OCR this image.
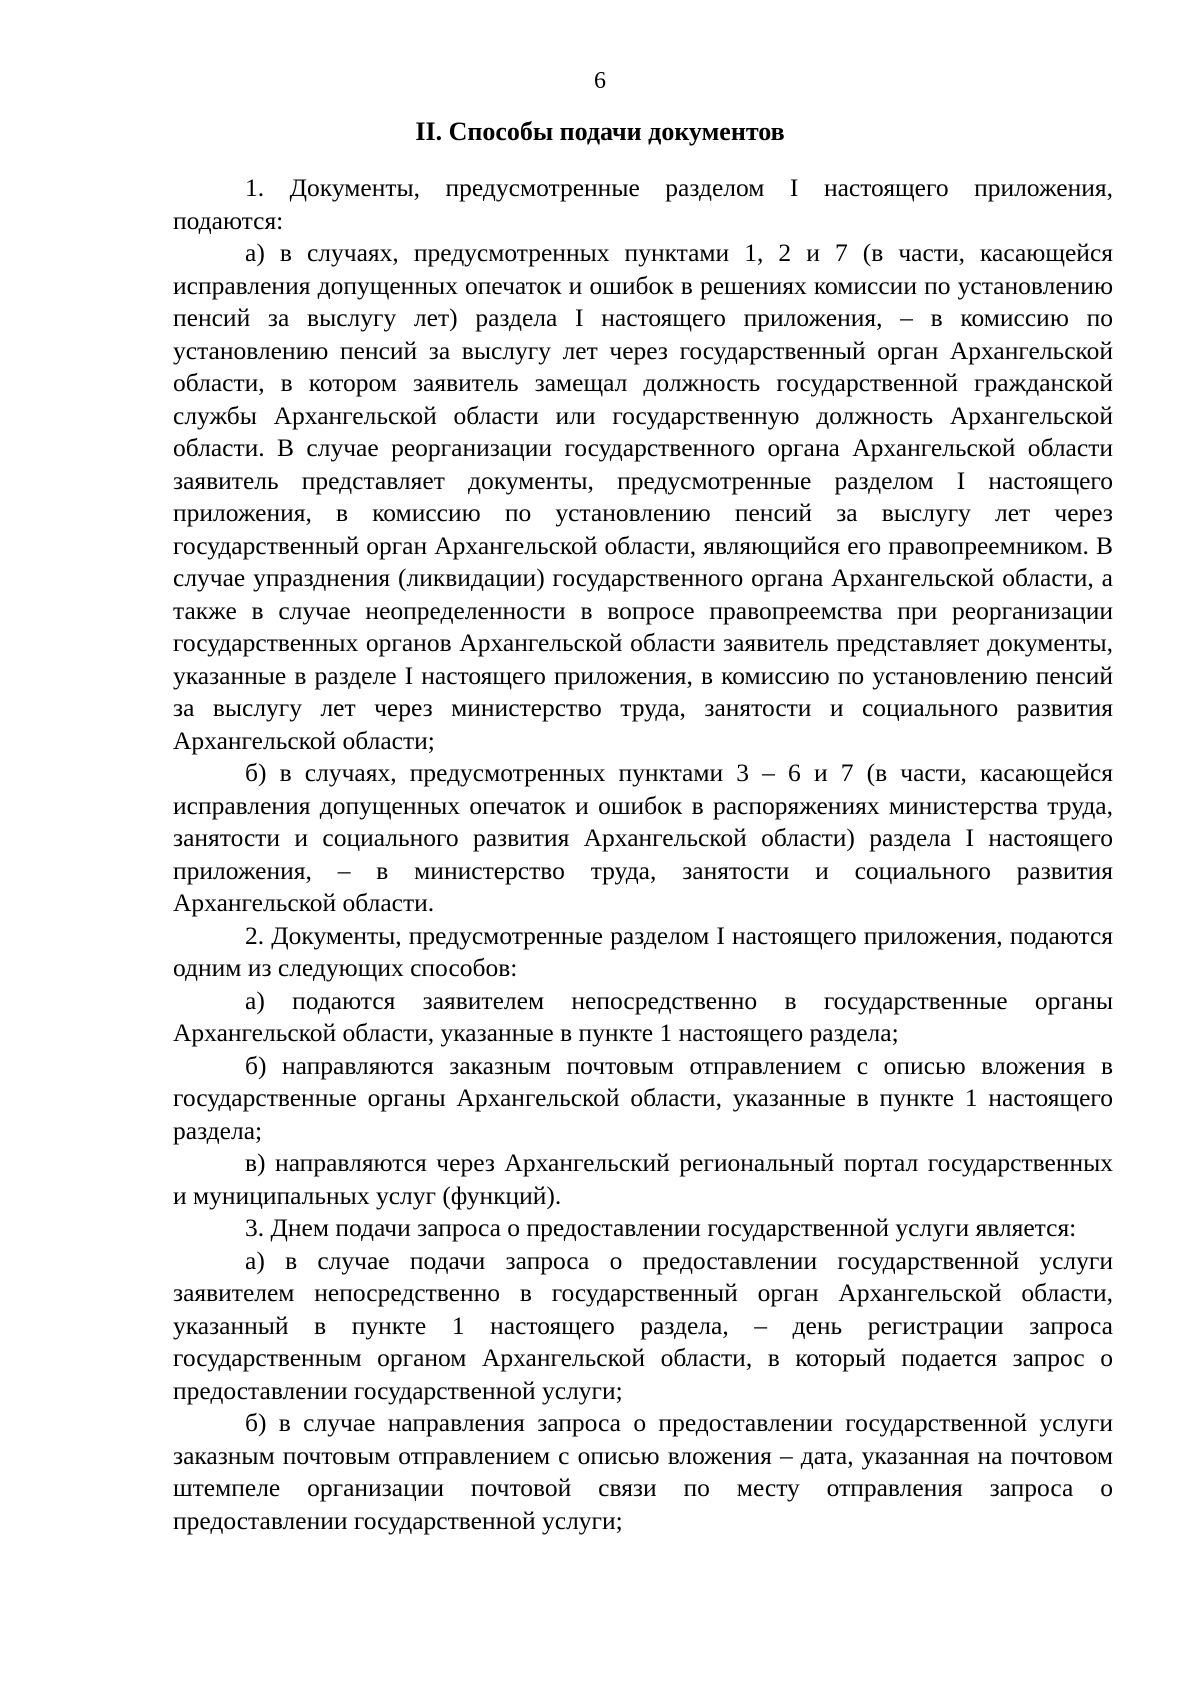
6
II. Способы подачи документов

1. Документы, предусмотренные разделом I настоящего приложения, подаются:

а) в случаях, предусмотренных пунктами 1, 2 и 7 (в части, касающейся исправления допущенных опечаток и ошибок в решениях комиссии по установлению пенсий за выслугу лет) раздела I настоящего приложения, – в комиссию по установлению пенсий за выслугу лет через государственный орган Архангельской области, в котором заявитель замещал должность государственной гражданской службы Архангельской области или государственную должность Архангельской области. В случае реорганизации государственного органа Архангельской области заявитель представляет документы, предусмотренные разделом I настоящего приложения, в комиссию по установлению пенсий за выслугу лет через государственный орган Архангельской области, являющийся его правопреемником. В случае упразднения (ликвидации) государственного органа Архангельской области, а также в случае неопределенности в вопросе правопреемства при реорганизации государственных органов Архангельской области заявитель представляет документы, указанные в разделе I настоящего приложения, в комиссию по установлению пенсий за выслугу лет через министерство труда, занятости и социального развития Архангельской области;

б) в случаях, предусмотренных пунктами 3 – 6 и 7 (в части, касающейся исправления допущенных опечаток и ошибок в распоряжениях министерства труда, занятости и социального развития Архангельской области) раздела I настоящего приложения, – в министерство труда, занятости и социального развития Архангельской области.

2. Документы, предусмотренные разделом I настоящего приложения, подаются одним из следующих способов:

а) подаются заявителем непосредственно в государственные органы Архангельской области, указанные в пункте 1 настоящего раздела;

б) направляются заказным почтовым отправлением с описью вложения в государственные органы Архангельской области, указанные в пункте 1 настоящего раздела;

в) направляются через Архангельский региональный портал государственных и муниципальных услуг (функций).

3. Днем подачи запроса о предоставлении государственной услуги является:

а) в случае подачи запроса о предоставлении государственной услуги заявителем непосредственно в государственный орган Архангельской области, указанный в пункте 1 настоящего раздела, – день регистрации запроса государственным органом Архангельской области, в который подается запрос о предоставлении государственной услуги;

б) в случае направления запроса о предоставлении государственной услуги заказным почтовым отправлением с описью вложения – дата, указанная на почтовом штемпеле организации почтовой связи по месту отправления запроса о предоставлении государственной услуги;
